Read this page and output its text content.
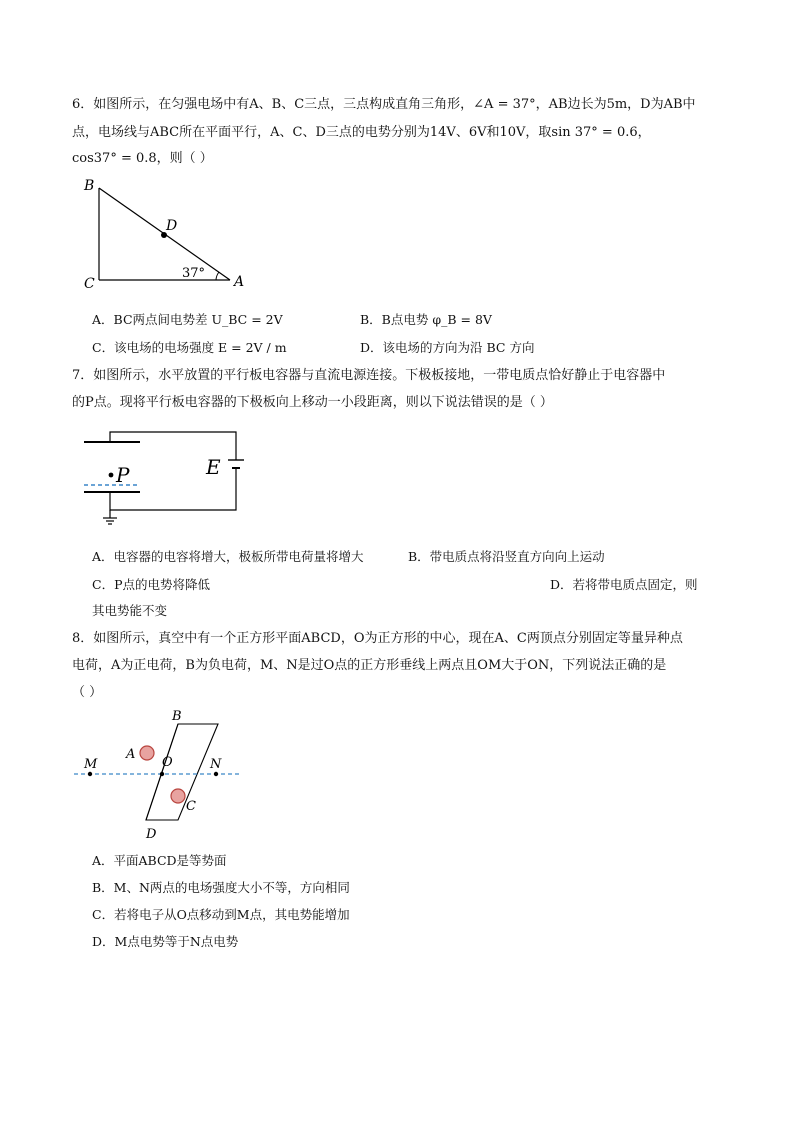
6．如图所示，在匀强电场中有A、B、C三点，三点构成直角三角形，∠A = 37°，AB边长为5m，D为AB中
点，电场线与ABC所在平面平行，A、C、D三点的电势分别为14V、6V和10V，取sin 37° = 0.6，
cos37° = 0.8，则（ ）
B
C
D
A
37°
A．BC两点间电势差 U_BC = 2V	B．B点电势 φ_B = 8V
C．该电场的电场强度 E = 2V / m	D．该电场的方向为沿 BC 方向
7．如图所示，水平放置的平行板电容器与直流电源连接。下极板接地，一带电质点恰好静止于电容器中
的P点。现将平行板电容器的下极板向上移动一小段距离，则以下说法错误的是（ ）
P	E
A．电容器的电容将增大，极板所带电荷量将增大	B．带电质点将沿竖直方向向上运动
C．P点的电势将降低	D．若将带电质点固定，则
其电势能不变
8．如图所示，真空中有一个正方形平面ABCD，O为正方形的中心，现在A、C两顶点分别固定等量异种点
电荷，A为正电荷，B为负电荷，M、N是过O点的正方形垂线上两点且OM大于ON，下列说法正确的是
（ ）
B
A
O
M	N
C
D
A．平面ABCD是等势面
B．M、N两点的电场强度大小不等，方向相同
C．若将电子从O点移动到M点，其电势能增加
D．M点电势等于N点电势
